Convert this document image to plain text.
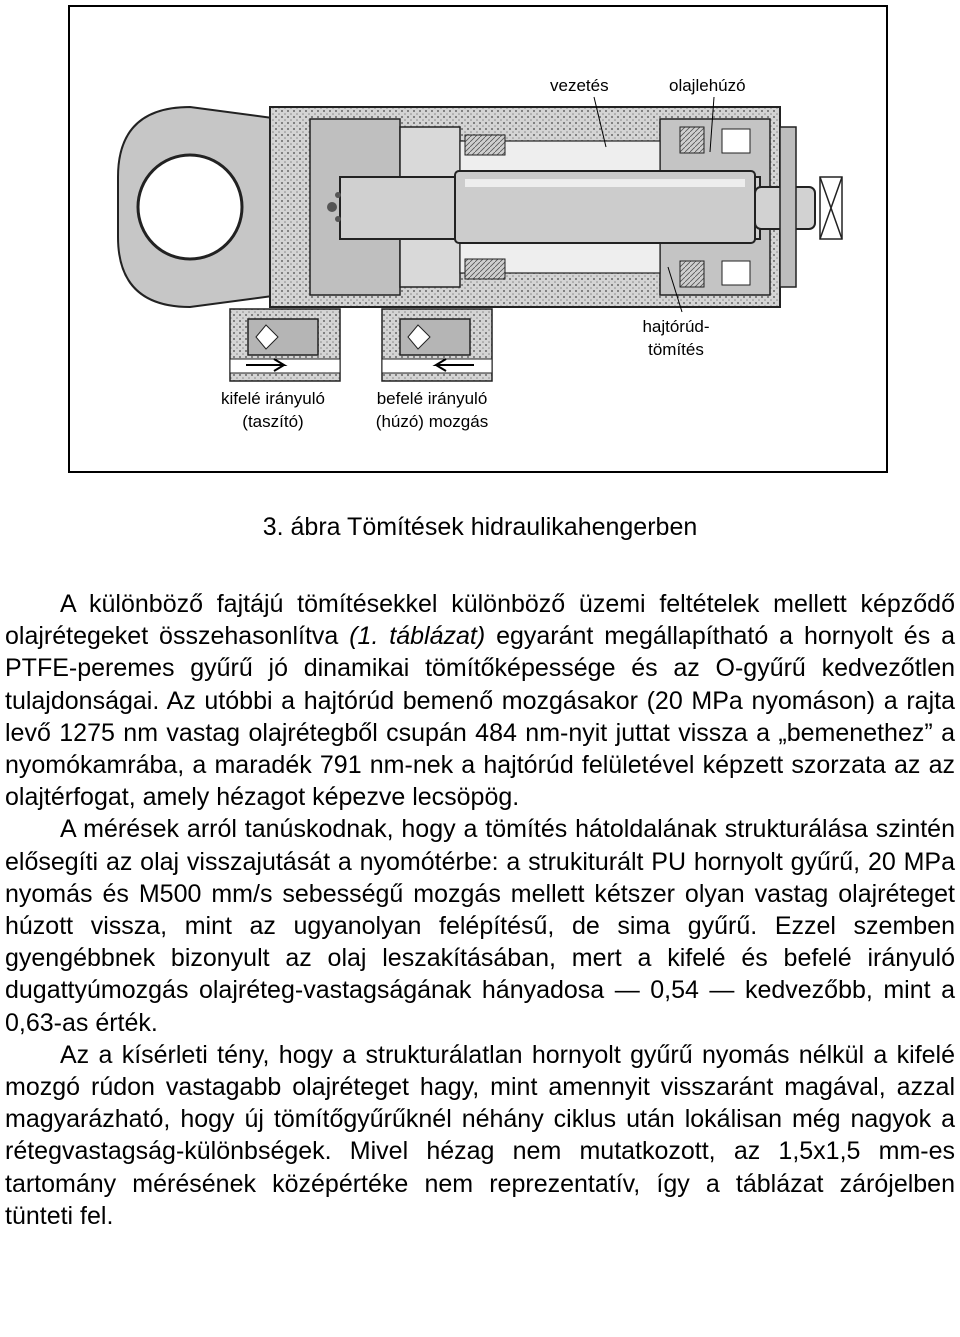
vezetés	olajlehúzó
hajtórúd-
tömítés
kifelé irányuló
(taszító)
befelé irányuló
(húzó) mozgás
3. ábra Tömítések hidraulikahengerben

A különböző fajtájú tömítésekkel különböző üzemi feltételek mellett képződő olajrétegeket összehasonlítva (1. táblázat) egyaránt megállapítható a hornyolt és a PTFE-peremes gyűrű jó dinamikai tömítőképessége és az O-gyűrű kedvezőtlen tulajdonságai. Az utóbbi a hajtórúd bemenő mozgásakor (20 MPa nyomáson) a rajta levő 1275 nm vastag olajrétegből csupán 484 nm-nyit juttat vissza a „bemenethez” a nyomókamrába, a maradék 791 nm-nek a hajtórúd felületével képzett szorzata az az olajtérfogat, amely hézagot képezve lecsöpög.

A mérések arról tanúskodnak, hogy a tömítés hátoldalának strukturálása szintén elősegíti az olaj visszajutását a nyomótérbe: a strukiturált PU hornyolt gyűrű, 20 MPa nyomás és M500 mm/s sebességű mozgás mellett kétszer olyan vastag olajréteget húzott vissza, mint az ugyanolyan felépítésű, de sima gyűrű. Ezzel szemben gyengébbnek bizonyult az olaj leszakításában, mert a kifelé és befelé irányuló dugattyúmozgás olajréteg-vastagságának hányadosa — 0,54 — kedvezőbb, mint a 0,63-as érték.

Az a kísérleti tény, hogy a strukturálatlan hornyolt gyűrű nyomás nélkül a kifelé mozgó rúdon vastagabb olajréteget hagy, mint amennyit visszaránt magával, azzal magyarázható, hogy új tömítőgyűrűknél néhány ciklus után lokálisan még nagyok a rétegvastagság-különbségek. Mivel hézag nem mutatkozott, az 1,5x1,5 mm-es tartomány mérésének középértéke nem reprezentatív, így a táblázat zárójelben tünteti fel.
